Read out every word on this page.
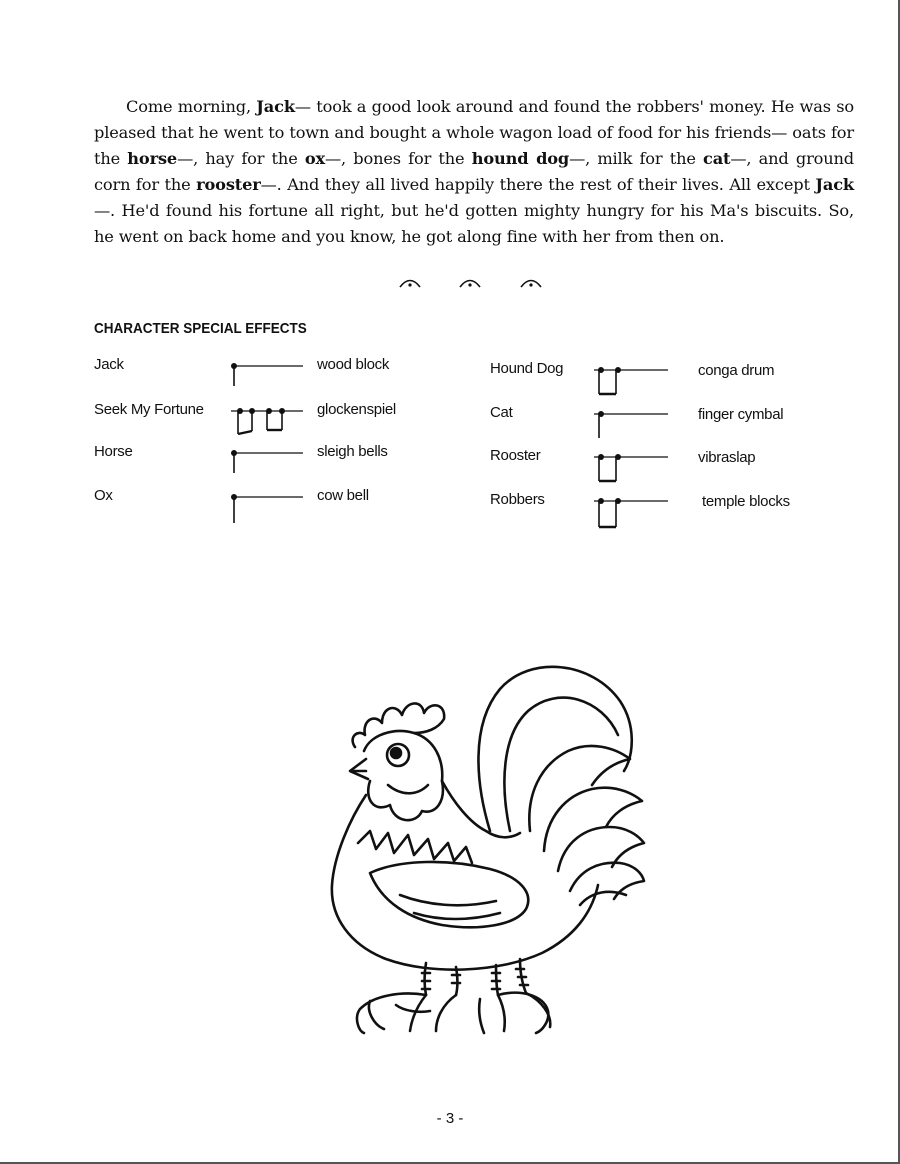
Come morning, Jack— took a good look around and found the robbers' money. He was so pleased that he went to town and bought a whole wagon load of food for his friends— oats for the horse—, hay for the ox—, bones for the hound dog—, milk for the cat—, and ground corn for the rooster—. And they all lived happily there the rest of their lives. All except Jack—. He'd found his fortune all right, but he'd gotten mighty hungry for his Ma's biscuits. So, he went on back home and you know, he got along fine with her from then on.

CHARACTER SPECIAL EFFECTS
Jack	wood block
Seek My Fortune	glockenspiel
Horse	sleigh bells
Ox	cow bell
Hound Dog	conga drum
Cat	finger cymbal
Rooster	vibraslap
Robbers	temple blocks
- 3 -
